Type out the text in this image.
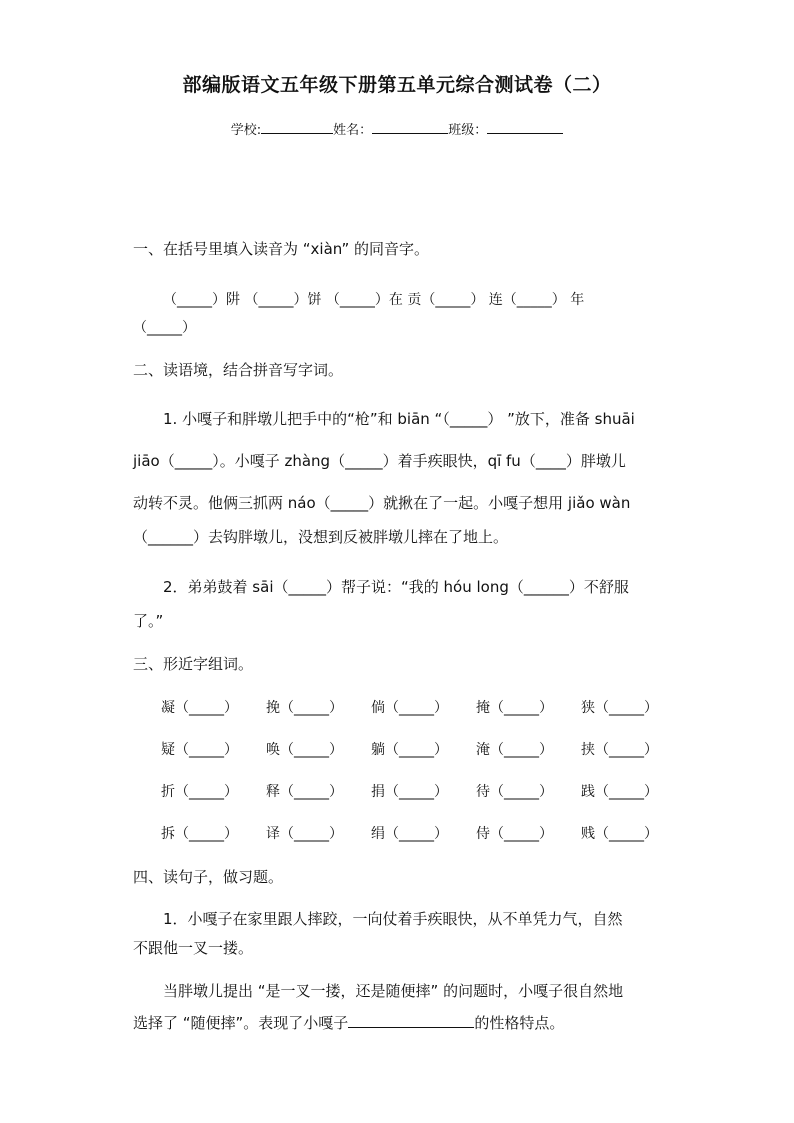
部编版语文五年级下册第五单元综合测试卷（二）
学校:	姓名：	班级：
一、在括号里填入读音为 “xiàn” 的同音字。
（_____）阱 （_____）饼 （_____）在 贡（_____） 连（_____） 年
（_____）
二、读语境，结合拼音写字词。
1. 小嘎子和胖墩儿把手中的“枪”和 biān “（_____） ”放下，准备 shuāi
jiāo（_____）。小嘎子 zhàng（_____）着手疾眼快，qī fu（____）胖墩儿
动转不灵。他俩三抓两 náo（_____）就揪在了一起。小嘎子想用 jiǎo wàn
（______）去钩胖墩儿，没想到反被胖墩儿摔在了地上。
2．弟弟鼓着 sāi（_____）帮子说：“我的 hóu long（______）不舒服
了。”
三、形近字组词。
凝（_____） 挽（_____） 倘（_____） 掩（_____） 狭（_____）
疑（_____） 唤（_____） 躺（_____） 淹（_____） 挟（_____）
折（_____） 释（_____） 捐（_____） 待（_____） 践（_____）
拆（_____） 译（_____） 绢（_____） 侍（_____） 贱（_____）
四、读句子，做习题。
1．小嘎子在家里跟人摔跤，一向仗着手疾眼快，从不单凭力气，自然
不跟他一叉一搂。
当胖墩儿提出 “是一叉一搂，还是随便摔” 的问题时，小嘎子很自然地
选择了 “随便摔”。表现了小嘎子	的性格特点。
